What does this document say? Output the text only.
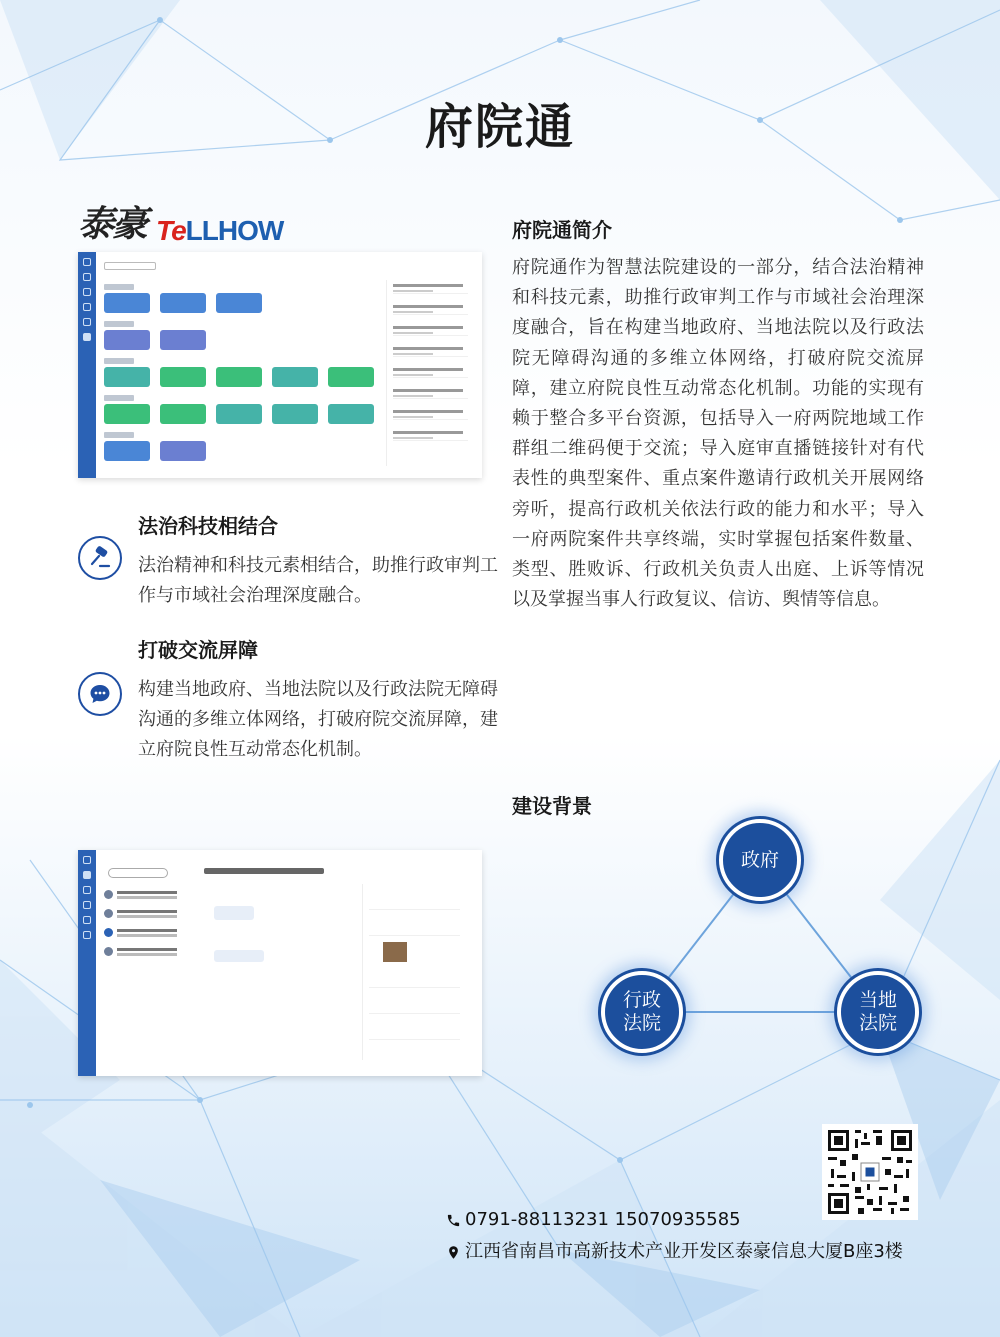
府院通
泰豪 TeLLHOW
法治科技相结合

法治精神和科技元素相结合，助推行政审判工作与市域社会治理深度融合。

打破交流屏障

构建当地政府、当地法院以及行政法院无障碍沟通的多维立体网络，打破府院交流屏障，建立府院良性互动常态化机制。

府院通简介

府院通作为智慧法院建设的一部分，结合法治精神和科技元素，助推行政审判工作与市域社会治理深度融合，旨在构建当地政府、当地法院以及行政法院无障碍沟通的多维立体网络，打破府院交流屏障，建立府院良性互动常态化机制。功能的实现有赖于整合多平台资源，包括导入一府两院地域工作群组二维码便于交流；导入庭审直播链接针对有代表性的典型案件、重点案件邀请行政机关开展网络旁听，提高行政机关依法行政的能力和水平；导入一府两院案件共享终端，实时掌握包括案件数量、类型、胜败诉、行政机关负责人出庭、上诉等情况以及掌握当事人行政复议、信访、舆情等信息。

建设背景
政府
行政
法院
当地
法院
0791-88113231 15070935585
江西省南昌市高新技术产业开发区泰豪信息大厦B座3楼
